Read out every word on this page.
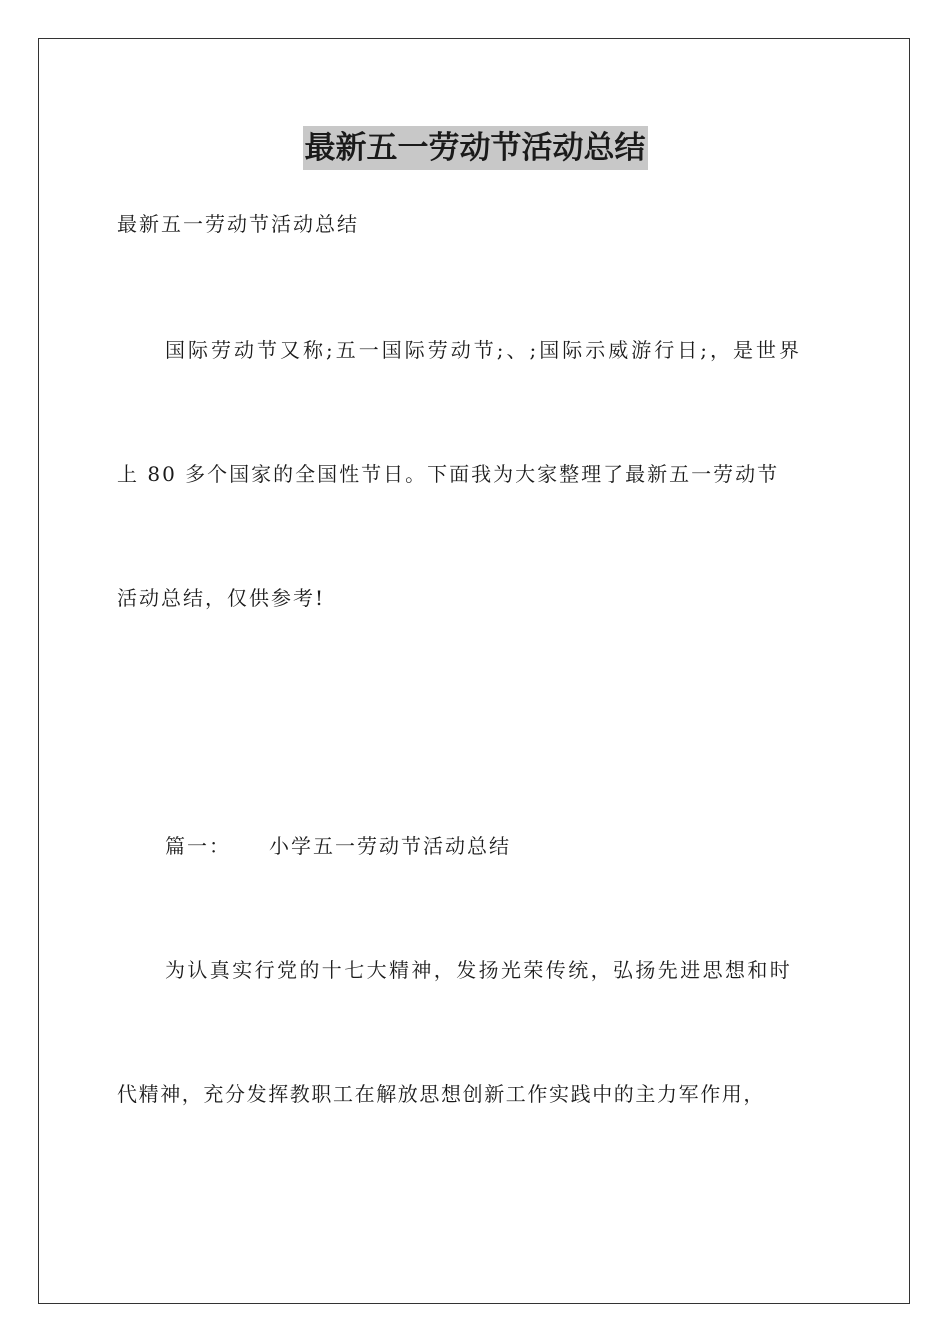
最新五一劳动节活动总结

最新五一劳动节活动总结

国际劳动节又称;五一国际劳动节;、;国际示威游行日;，是世界

上 80 多个国家的全国性节日。下面我为大家整理了最新五一劳动节

活动总结，仅供参考!

篇一： 小学五一劳动节活动总结

为认真实行党的十七大精神，发扬光荣传统，弘扬先进思想和时

代精神，充分发挥教职工在解放思想创新工作实践中的主力军作用，
